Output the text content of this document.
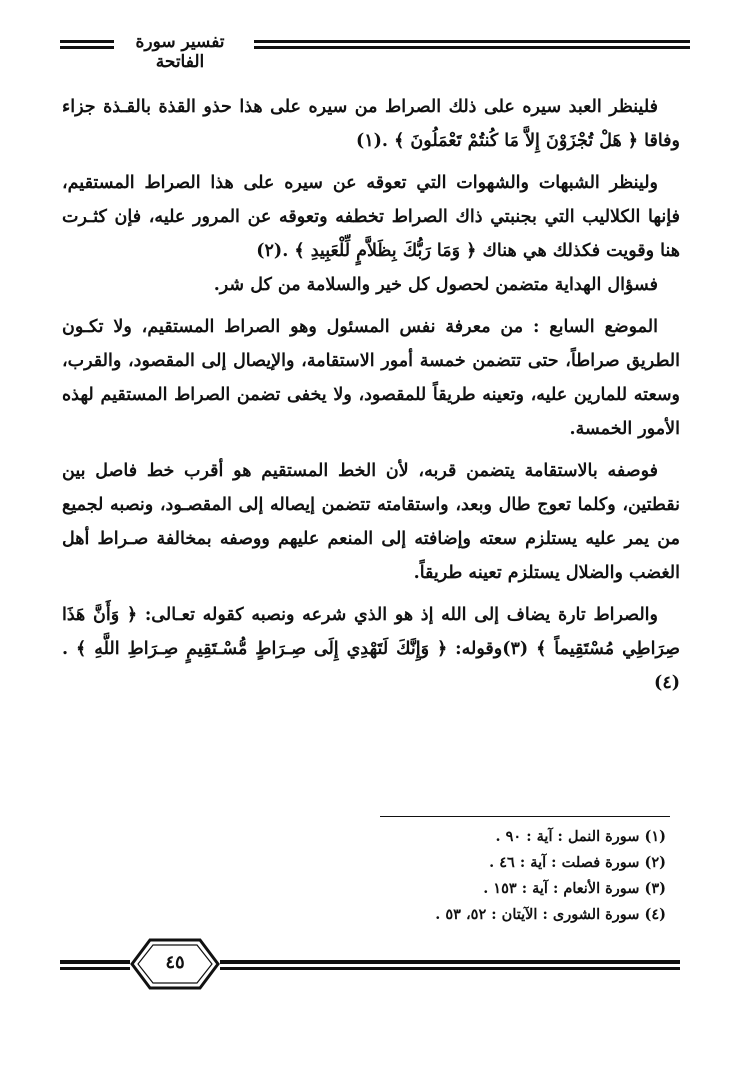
تفسير سورة الفاتحة

فلينظر العبد سيره على ذلك الصراط من سيره على هذا حذو القذة بالقـذة جزاء وفاقا ﴿ هَلْ تُجْزَوْنَ إِلاَّ مَا كُنتُمْ تَعْمَلُونَ ﴾ .(١)

ولينظر الشبهات والشهوات التي تعوقه عن سيره على هذا الصراط المستقيم، فإنها الكلاليب التي بجنبتي ذاك الصراط تخطفه وتعوقه عن المرور عليه، فإن كثـرت هنا وقويت فكذلك هي هناك ﴿ وَمَا رَبُّكَ بِظَلاَّمٍ لِّلْعَبِيدِ ﴾ .(٢)

فسؤال الهداية متضمن لحصول كل خير والسلامة من كل شر.

الموضع السابع : من معرفة نفس المسئول وهو الصراط المستقيم، ولا تكـون الطريق صراطاً، حتى تتضمن خمسة أمور الاستقامة، والإيصال إلى المقصود، والقرب، وسعته للمارين عليه، وتعينه طريقاً للمقصود، ولا يخفى تضمن الصراط المستقيم لهذه الأمور الخمسة.

فوصفه بالاستقامة يتضمن قربه، لأن الخط المستقيم هو أقرب خط فاصل بين نقطتين، وكلما تعوج طال وبعد، واستقامته تتضمن إيصاله إلى المقصـود، ونصبه لجميع من يمر عليه يستلزم سعته وإضافته إلى المنعم عليهم ووصفه بمخالفة صـراط أهل الغضب والضلال يستلزم تعينه طريقاً.

والصراط تارة يضاف إلى الله إذ هو الذي شرعه ونصبه كقوله تعـالى: ﴿ وَأَنَّ هَذَا صِرَاطِي مُسْتَقِيماً ﴾ (٣)وقوله: ﴿ وَإِنَّكَ لَتَهْدِي إِلَى صِـرَاطٍ مُّسْـتَقِيمٍ صِـرَاطِ اللَّهِ ﴾ .(٤)

(١) سورة النمل : آية : ٩٠ .
(٢) سورة فصلت : آية : ٤٦ .
(٣) سورة الأنعام : آية : ١٥٣ .
(٤) سورة الشورى : الآيتان : ٥٢، ٥٣ .
٤٥
